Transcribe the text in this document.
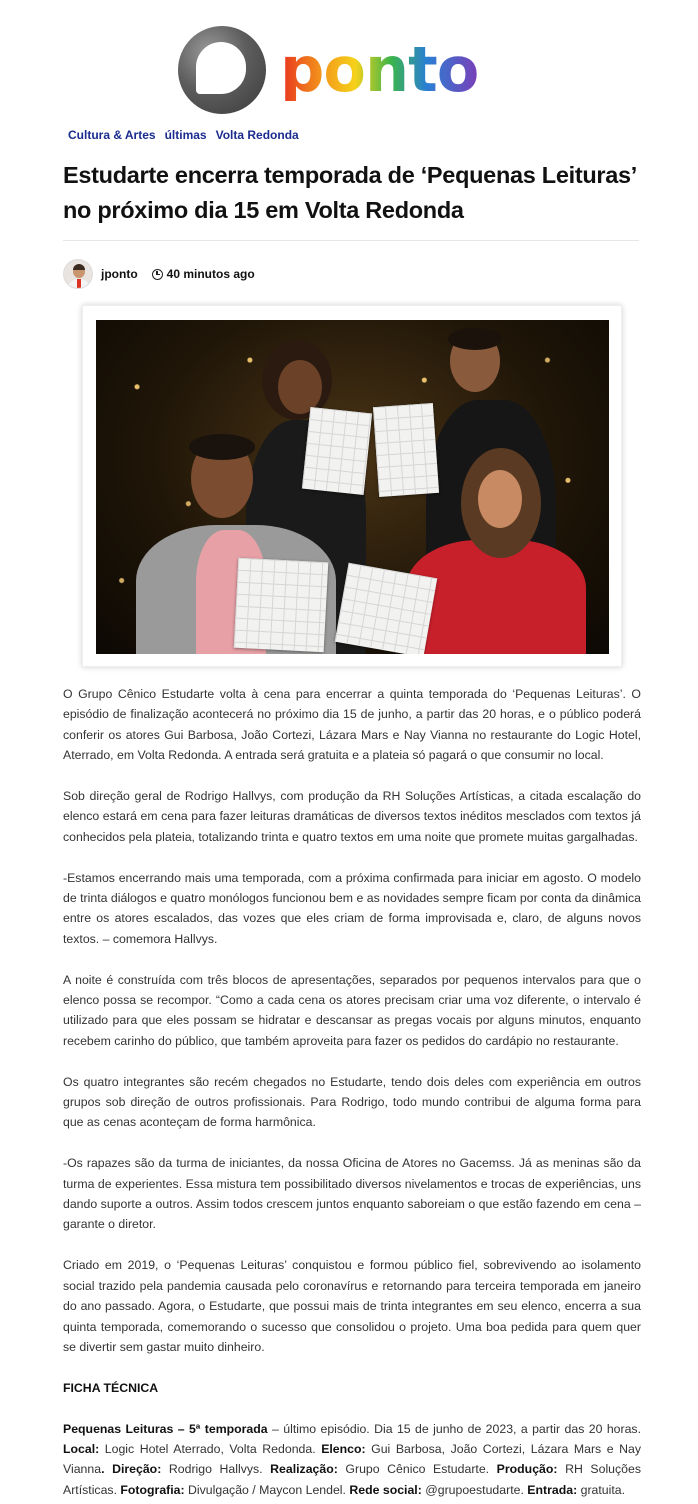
ponto
Cultura & Artes últimas Volta Redonda
Estudarte encerra temporada de ‘Pequenas Leituras’ no próximo dia 15 em Volta Redonda
jponto 40 minutos ago

O Grupo Cênico Estudarte volta à cena para encerrar a quinta temporada do ‘Pequenas Leituras’. O episódio de finalização acontecerá no próximo dia 15 de junho, a partir das 20 horas, e o público poderá conferir os atores Gui Barbosa, João Cortezi, Lázara Mars e Nay Vianna no restaurante do Logic Hotel, Aterrado, em Volta Redonda. A entrada será gratuita e a plateia só pagará o que consumir no local.

Sob direção geral de Rodrigo Hallvys, com produção da RH Soluções Artísticas, a citada escalação do elenco estará em cena para fazer leituras dramáticas de diversos textos inéditos mesclados com textos já conhecidos pela plateia, totalizando trinta e quatro textos em uma noite que promete muitas gargalhadas.

-Estamos encerrando mais uma temporada, com a próxima confirmada para iniciar em agosto. O modelo de trinta diálogos e quatro monólogos funcionou bem e as novidades sempre ficam por conta da dinâmica entre os atores escalados, das vozes que eles criam de forma improvisada e, claro, de alguns novos textos. – comemora Hallvys.

A noite é construída com três blocos de apresentações, separados por pequenos intervalos para que o elenco possa se recompor. “Como a cada cena os atores precisam criar uma voz diferente, o intervalo é utilizado para que eles possam se hidratar e descansar as pregas vocais por alguns minutos, enquanto recebem carinho do público, que também aproveita para fazer os pedidos do cardápio no restaurante.

Os quatro integrantes são recém chegados no Estudarte, tendo dois deles com experiência em outros grupos sob direção de outros profissionais. Para Rodrigo, todo mundo contribui de alguma forma para que as cenas aconteçam de forma harmônica.

-Os rapazes são da turma de iniciantes, da nossa Oficina de Atores no Gacemss. Já as meninas são da turma de experientes. Essa mistura tem possibilitado diversos nivelamentos e trocas de experiências, uns dando suporte a outros. Assim todos crescem juntos enquanto saboreiam o que estão fazendo em cena – garante o diretor.

Criado em 2019, o ‘Pequenas Leituras’ conquistou e formou público fiel, sobrevivendo ao isolamento social trazido pela pandemia causada pelo coronavírus e retornando para terceira temporada em janeiro do ano passado. Agora, o Estudarte, que possui mais de trinta integrantes em seu elenco, encerra a sua quinta temporada, comemorando o sucesso que consolidou o projeto. Uma boa pedida para quem quer se divertir sem gastar muito dinheiro.

FICHA TÉCNICA

Pequenas Leituras – 5ª temporada – último episódio. Dia 15 de junho de 2023, a partir das 20 horas. Local: Logic Hotel Aterrado, Volta Redonda. Elenco: Gui Barbosa, João Cortezi, Lázara Mars e Nay Vianna. Direção: Rodrigo Hallvys. Realização: Grupo Cênico Estudarte. Produção: RH Soluções Artísticas. Fotografia: Divulgação / Maycon Lendel. Rede social: @grupoestudarte. Entrada: gratuita.
